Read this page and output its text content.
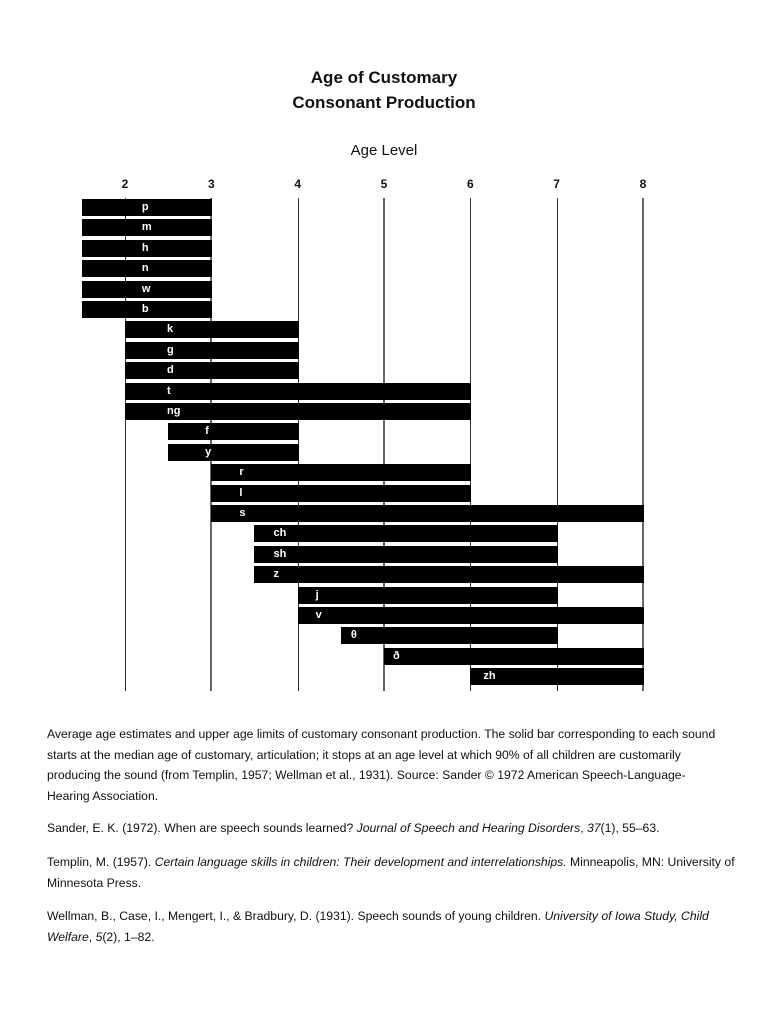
Age of Customary
Consonant Production
Age Level
2	3	4	5	6	7	8
p
m
h
n
w
b
k
g
d
t
ng
f
y
r
l
s
ch
sh
z
j
v
θ
ð
zh
Average age estimates and upper age limits of customary consonant production. The solid bar corresponding to each sound starts at the median age of customary, articulation; it stops at an age level at which 90% of all children are customarily producing the sound (from Templin, 1957; Wellman et al., 1931). Source: Sander © 1972 American Speech-Language-Hearing Association.
Sander, E. K. (1972). When are speech sounds learned? Journal of Speech and Hearing Disorders, 37(1), 55–63.
Templin, M. (1957). Certain language skills in children: Their development and interrelationships. Minneapolis, MN: University of Minnesota Press.
Wellman, B., Case, I., Mengert, I., & Bradbury, D. (1931). Speech sounds of young children. University of Iowa Study, Child Welfare, 5(2), 1–82.
